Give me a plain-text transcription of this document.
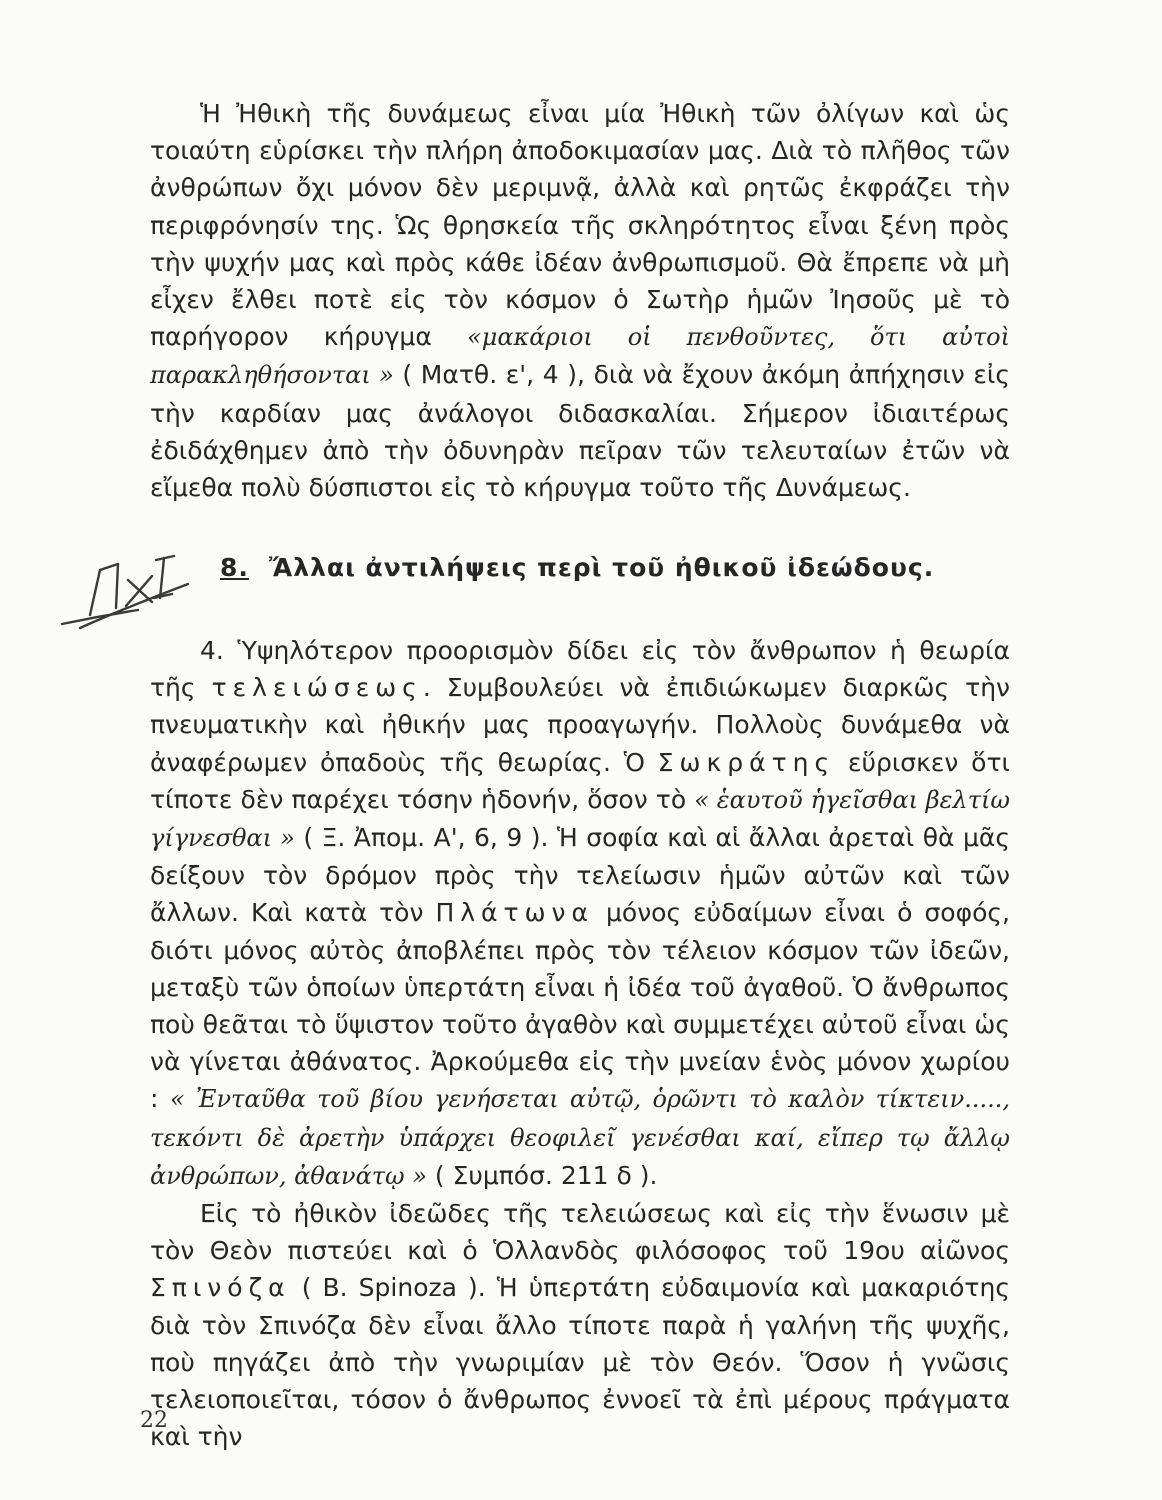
Ἡ Ἠθικὴ τῆς δυνάμεως εἶναι μία Ἠθικὴ τῶν ὀλίγων καὶ ὡς τοιαύτη εὑρίσκει τὴν πλήρη ἀποδοκιμασίαν μας. Διὰ τὸ πλῆθος τῶν ἀνθρώπων ὄχι μόνον δὲν μεριμνᾷ, ἀλλὰ καὶ ρητῶς ἐκφράζει τὴν περιφρόνησίν της. Ὡς θρησκεία τῆς σκληρότητος εἶναι ξένη πρὸς τὴν ψυχήν μας καὶ πρὸς κάθε ἰδέαν ἀνθρωπισμοῦ. Θὰ ἔπρεπε νὰ μὴ εἶχεν ἔλθει ποτὲ εἰς τὸν κόσμον ὁ Σωτὴρ ἡμῶν Ἰησοῦς μὲ τὸ παρήγορον κήρυγμα «μακάριοι οἱ πενθοῦντες, ὅτι αὐτοὶ παρακληθήσονται » ( Ματθ. ε', 4 ), διὰ νὰ ἔχουν ἀκόμη ἀπήχησιν εἰς τὴν καρδίαν μας ἀνάλογοι διδασκαλίαι. Σήμερον ἰδιαιτέρως ἐδιδάχθημεν ἀπὸ τὴν ὀδυνηρὰν πεῖραν τῶν τελευταίων ἐτῶν νὰ εἴμεθα πολὺ δύσπιστοι εἰς τὸ κήρυγμα τοῦτο τῆς Δυνάμεως.

8. Ἄλλαι ἀντιλήψεις περὶ τοῦ ἠθικοῦ ἰδεώδους.

4. Ὑψηλότερον προορισμὸν δίδει εἰς τὸν ἄνθρωπον ἡ θεωρία τῆς τελειώσεως. Συμβουλεύει νὰ ἐπιδιώκωμεν διαρκῶς τὴν πνευματικὴν καὶ ἠθικήν μας προαγωγήν. Πολλοὺς δυνάμεθα νὰ ἀναφέρωμεν ὀπαδοὺς τῆς θεωρίας. Ὁ Σωκράτης εὕρισκεν ὅτι τίποτε δὲν παρέχει τόσην ἡδονήν, ὅσον τὸ « ἑαυτοῦ ἡγεῖσθαι βελτίω γίγνεσθαι » ( Ξ. Ἀπομ. Α', 6, 9 ). Ἡ σοφία καὶ αἱ ἄλλαι ἀρεταὶ θὰ μᾶς δείξουν τὸν δρόμον πρὸς τὴν τελείωσιν ἡμῶν αὐτῶν καὶ τῶν ἄλλων. Καὶ κατὰ τὸν Πλάτωνα μόνος εὐδαίμων εἶναι ὁ σοφός, διότι μόνος αὐτὸς ἀποβλέπει πρὸς τὸν τέλειον κόσμον τῶν ἰδεῶν, μεταξὺ τῶν ὁποίων ὑπερτάτη εἶναι ἡ ἰδέα τοῦ ἀγαθοῦ. Ὁ ἄνθρωπος ποὺ θεᾶται τὸ ὕψιστον τοῦτο ἀγαθὸν καὶ συμμετέχει αὐτοῦ εἶναι ὡς νὰ γίνεται ἀθάνατος. Ἀρκούμεθα εἰς τὴν μνείαν ἑνὸς μόνον χωρίου : « Ἐνταῦθα τοῦ βίου γενήσεται αὐτῷ, ὁρῶντι τὸ καλὸν τίκτειν....., τεκόντι δὲ ἀρετὴν ὑπάρχει θεοφιλεῖ γενέσθαι καί, εἴπερ τῳ ἄλλῳ ἀνθρώπων, ἀθανάτῳ » ( Συμπόσ. 211 δ ).

Εἰς τὸ ἠθικὸν ἰδεῶδες τῆς τελειώσεως καὶ εἰς τὴν ἕνωσιν μὲ τὸν Θεὸν πιστεύει καὶ ὁ Ὁλλανδὸς φιλόσοφος τοῦ 19ου αἰῶνος Σπινόζα ( B. Spinoza ). Ἡ ὑπερτάτη εὐδαιμονία καὶ μακαριότης διὰ τὸν Σπινόζα δὲν εἶναι ἄλλο τίποτε παρὰ ἡ γαλήνη τῆς ψυχῆς, ποὺ πηγάζει ἀπὸ τὴν γνωριμίαν μὲ τὸν Θεόν. Ὅσον ἡ γνῶσις τελειοποιεῖται, τόσον ὁ ἄνθρωπος ἐννοεῖ τὰ ἐπὶ μέρους πράγματα καὶ τὴν

22
